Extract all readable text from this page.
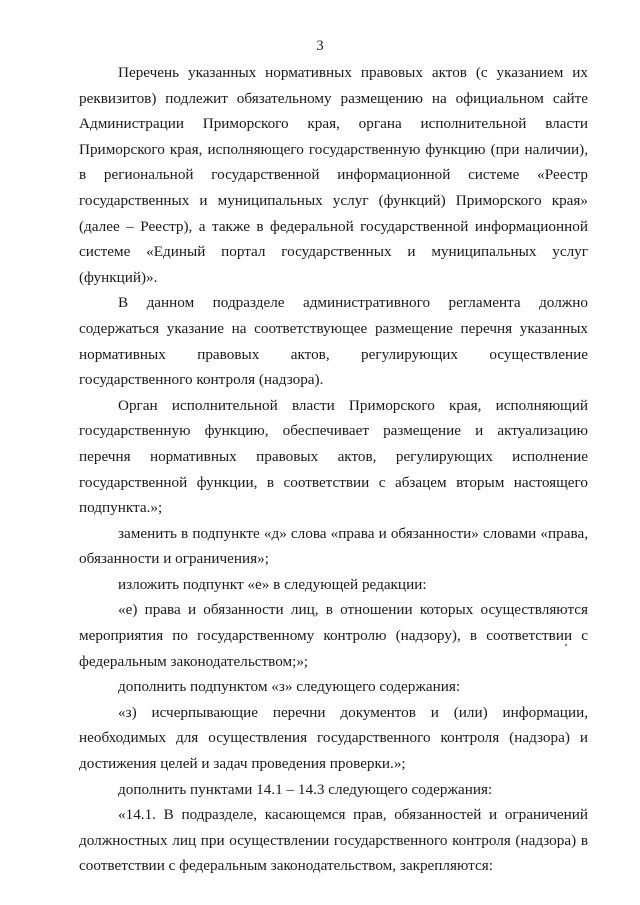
3

Перечень указанных нормативных правовых актов (с указанием их реквизитов) подлежит обязательному размещению на официальном сайте Администрации Приморского края, органа исполнительной власти Приморского края, исполняющего государственную функцию (при наличии), в региональной государственной информационной системе «Реестр государственных и муниципальных услуг (функций) Приморского края» (далее – Реестр), а также в федеральной государственной информационной системе «Единый портал государственных и муниципальных услуг (функций)».

В данном подразделе административного регламента должно содержаться указание на соответствующее размещение перечня указанных нормативных правовых актов, регулирующих осуществление государственного контроля (надзора).

Орган исполнительной власти Приморского края, исполняющий государственную функцию, обеспечивает размещение и актуализацию перечня нормативных правовых актов, регулирующих исполнение государственной функции, в соответствии с абзацем вторым настоящего подпункта.»;

заменить в подпункте «д» слова «права и обязанности» словами «права, обязанности и ограничения»;

изложить подпункт «е» в следующей редакции:

«е) права и обязанности лиц, в отношении которых осуществляются мероприятия по государственному контролю (надзору), в соответствии с федеральным законодательством;»;

дополнить подпунктом «з» следующего содержания:

«з) исчерпывающие перечни документов и (или) информации, необходимых для осуществления государственного контроля (надзора) и достижения целей и задач проведения проверки.»;

дополнить пунктами 14.1 – 14.3 следующего содержания:

«14.1. В подразделе, касающемся прав, обязанностей и ограничений должностных лиц при осуществлении государственного контроля (надзора) в соответствии с федеральным законодательством, закрепляются:
